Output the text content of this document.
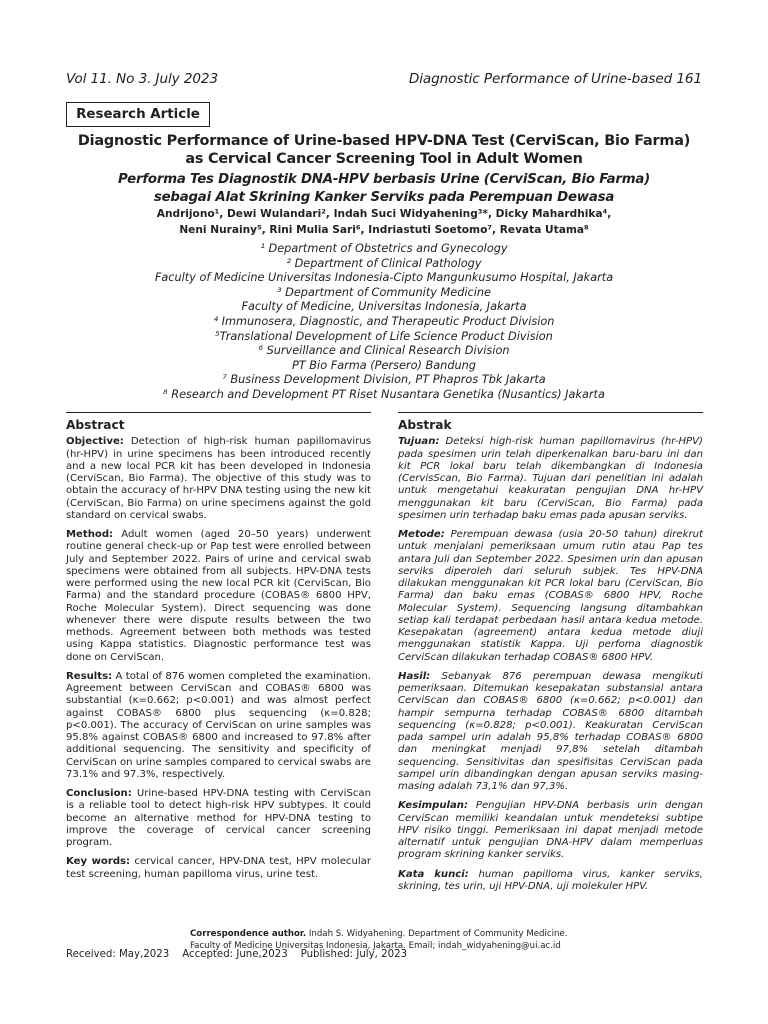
Vol 11. No 3. July 2023	Diagnostic Performance of Urine-based 161
Research Article
Diagnostic Performance of Urine-based HPV-DNA Test (CerviScan, Bio Farma)
as Cervical Cancer Screening Tool in Adult Women
Performa Tes Diagnostik DNA-HPV berbasis Urine (CerviScan, Bio Farma)
sebagai Alat Skrining Kanker Serviks pada Perempuan Dewasa
Andrijono¹, Dewi Wulandari², Indah Suci Widyahening³*, Dicky Mahardhika⁴,
Neni Nurainy⁵, Rini Mulia Sari⁶, Indriastuti Soetomo⁷, Revata Utama⁸
¹ Department of Obstetrics and Gynecology
² Department of Clinical Pathology
Faculty of Medicine Universitas Indonesia-Cipto Mangunkusumo Hospital, Jakarta
³ Department of Community Medicine
Faculty of Medicine, Universitas Indonesia, Jakarta
⁴ Immunosera, Diagnostic, and Therapeutic Product Division
⁵Translational Development of Life Science Product Division
⁶ Surveillance and Clinical Research Division
PT Bio Farma (Persero) Bandung
⁷ Business Development Division, PT Phapros Tbk Jakarta
⁸ Research and Development PT Riset Nusantara Genetika (Nusantics) Jakarta
Abstract

Objective: Detection of high-risk human papillomavirus (hr-HPV) in urine specimens has been introduced recently and a new local PCR kit has been developed in Indonesia (CerviScan, Bio Farma). The objective of this study was to obtain the accuracy of hr-HPV DNA testing using the new kit (CerviScan, Bio Farma) on urine specimens against the gold standard on cervical swabs.

Method: Adult women (aged 20–50 years) underwent routine general check-up or Pap test were enrolled between July and September 2022. Pairs of urine and cervical swab specimens were obtained from all subjects. HPV-DNA tests were performed using the new local PCR kit (CerviScan, Bio Farma) and the standard procedure (COBAS® 6800 HPV, Roche Molecular System). Direct sequencing was done whenever there were dispute results between the two methods. Agreement between both methods was tested using Kappa statistics. Diagnostic performance test was done on CerviScan.

Results: A total of 876 women completed the examination. Agreement between CerviScan and COBAS® 6800 was substantial (κ=0.662; p<0.001) and was almost perfect against COBAS® 6800 plus sequencing (κ=0.828; p<0.001). The accuracy of CerviScan on urine samples was 95.8% against COBAS® 6800 and increased to 97.8% after additional sequencing. The sensitivity and specificity of CerviScan on urine samples compared to cervical swabs are 73.1% and 97.3%, respectively.

Conclusion: Urine-based HPV-DNA testing with CerviScan is a reliable tool to detect high-risk HPV subtypes. It could become an alternative method for HPV-DNA testing to improve the coverage of cervical cancer screening program.

Key words: cervical cancer, HPV-DNA test, HPV molecular test screening, human papilloma virus, urine test.

Abstrak

Tujuan: Deteksi high-risk human papillomavirus (hr-HPV) pada spesimen urin telah diperkenalkan baru-baru ini dan kit PCR lokal baru telah dikembangkan di Indonesia (CervisScan, Bio Farma). Tujuan dari penelitian ini adalah untuk mengetahui keakuratan pengujian DNA hr-HPV menggunakan kit baru (CerviScan, Bio Farma) pada spesimen urin terhadap baku emas pada apusan serviks.

Metode: Perempuan dewasa (usia 20-50 tahun) direkrut untuk menjalani pemeriksaan umum rutin atau Pap tes antara Juli dan September 2022. Spesimen urin dan apusan serviks diperoleh dari seluruh subjek. Tes HPV-DNA dilakukan menggunakan kit PCR lokal baru (CerviScan, Bio Farma) dan baku emas (COBAS® 6800 HPV, Roche Molecular System). Sequencing langsung ditambahkan setiap kali terdapat perbedaan hasil antara kedua metode. Kesepakatan (agreement) antara kedua metode diuji menggunakan statistik Kappa. Uji perfoma diagnostik CerviScan dilakukan terhadap COBAS® 6800 HPV.

Hasil: Sebanyak 876 perempuan dewasa mengikuti pemeriksaan. Ditemukan kesepakatan substansial antara CerviScan dan COBAS® 6800 (κ=0.662; p<0.001) dan hampir sempurna terhadap COBAS® 6800 ditambah sequencing (κ=0.828; p<0.001). Keakuratan CerviScan pada sampel urin adalah 95,8% terhadap COBAS® 6800 dan meningkat menjadi 97,8% setelah ditambah sequencing. Sensitivitas dan spesifisitas CerviScan pada sampel urin dibandingkan dengan apusan serviks masing-masing adalah 73,1% dan 97,3%.

Kesimpulan: Pengujian HPV-DNA berbasis urin dengan CerviScan memiliki keandalan untuk mendeteksi subtipe HPV risiko tinggi. Pemeriksaan ini dapat menjadi metode alternatif untuk pengujian DNA-HPV dalam memperluas program skrining kanker serviks.

Kata kunci: human papilloma virus, kanker serviks, skrining, tes urin, uji HPV-DNA, uji molekuler HPV.

Correspondence author. Indah S. Widyahening. Department of Community Medicine.
Faculty of Medicine Universitas Indonesia, Jakarta. Email; indah_widyahening@ui.ac.id
Received: May,2023    Accepted: June,2023    Published: July, 2023
